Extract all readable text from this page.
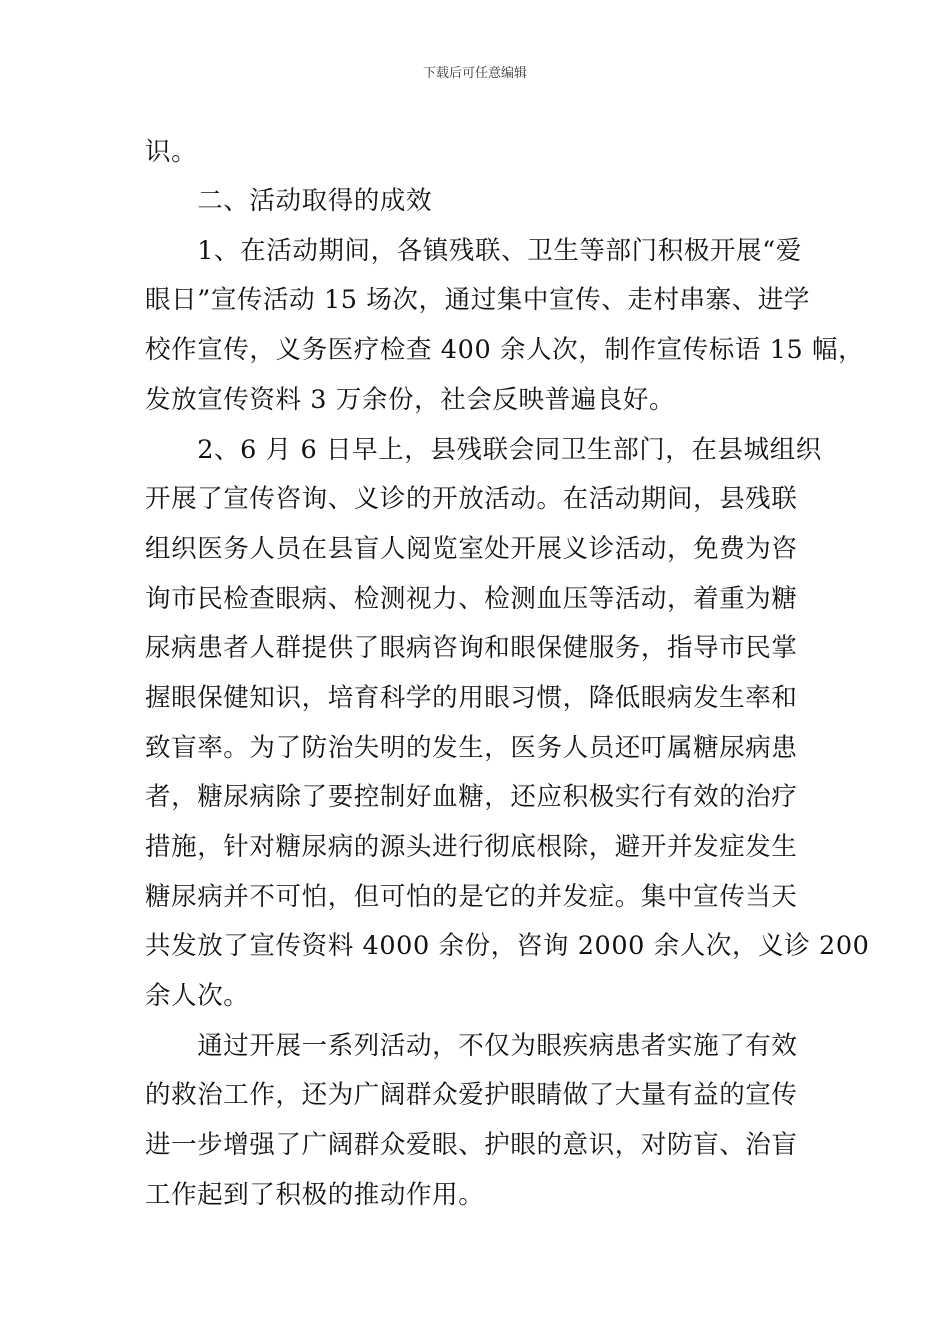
下载后可任意编辑
识。
　　二、活动取得的成效
　　1、在活动期间，各镇残联、卫生等部门积极开展“爱
眼日”宣传活动 15 场次，通过集中宣传、走村串寨、进学
校作宣传，义务医疗检查 400 余人次，制作宣传标语 15 幅，
发放宣传资料 3 万余份，社会反映普遍良好。
　　2、6 月 6 日早上，县残联会同卫生部门，在县城组织
开展了宣传咨询、义诊的开放活动。在活动期间，县残联
组织医务人员在县盲人阅览室处开展义诊活动，免费为咨
询市民检查眼病、检测视力、检测血压等活动，着重为糖
尿病患者人群提供了眼病咨询和眼保健服务，指导市民掌
握眼保健知识，培育科学的用眼习惯，降低眼病发生率和
致盲率。为了防治失明的发生，医务人员还叮属糖尿病患
者，糖尿病除了要控制好血糖，还应积极实行有效的治疗
措施，针对糖尿病的源头进行彻底根除，避开并发症发生
糖尿病并不可怕，但可怕的是它的并发症。集中宣传当天
共发放了宣传资料 4000 余份，咨询 2000 余人次，义诊 200
余人次。
　　通过开展一系列活动，不仅为眼疾病患者实施了有效
的救治工作，还为广阔群众爱护眼睛做了大量有益的宣传
进一步增强了广阔群众爱眼、护眼的意识，对防盲、治盲
工作起到了积极的推动作用。
